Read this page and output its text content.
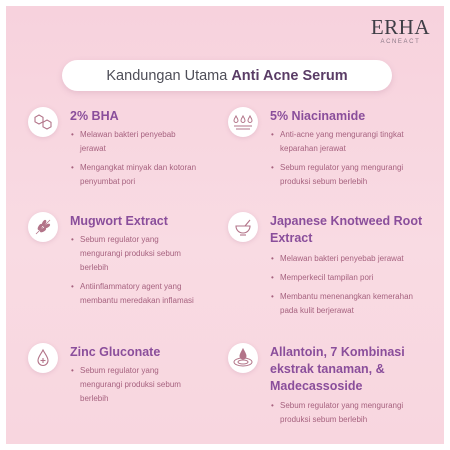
ERHA
ACNEACT
Kandungan Utama Anti Acne Serum
2% BHA
• Melawan bakteri penyebab jerawat
• Mengangkat minyak dan kotoran penyumbat pori
5% Niacinamide
• Anti-acne yang mengurangi tingkat keparahan jerawat
• Sebum regulator yang mengurangi produksi sebum berlebih
Mugwort Extract
• Sebum regulator yang mengurangi produksi sebum berlebih
• Antiinflammatory agent yang membantu meredakan inflamasi
Japanese Knotweed Root Extract
• Melawan bakteri penyebab jerawat
• Memperkecil tampilan pori
• Membantu menenangkan kemerahan pada kulit berjerawat
Zinc Gluconate
• Sebum regulator yang mengurangi produksi sebum berlebih
Allantoin, 7 Kombinasi ekstrak tanaman, & Madecassoside
• Sebum regulator yang mengurangi produksi sebum berlebih
